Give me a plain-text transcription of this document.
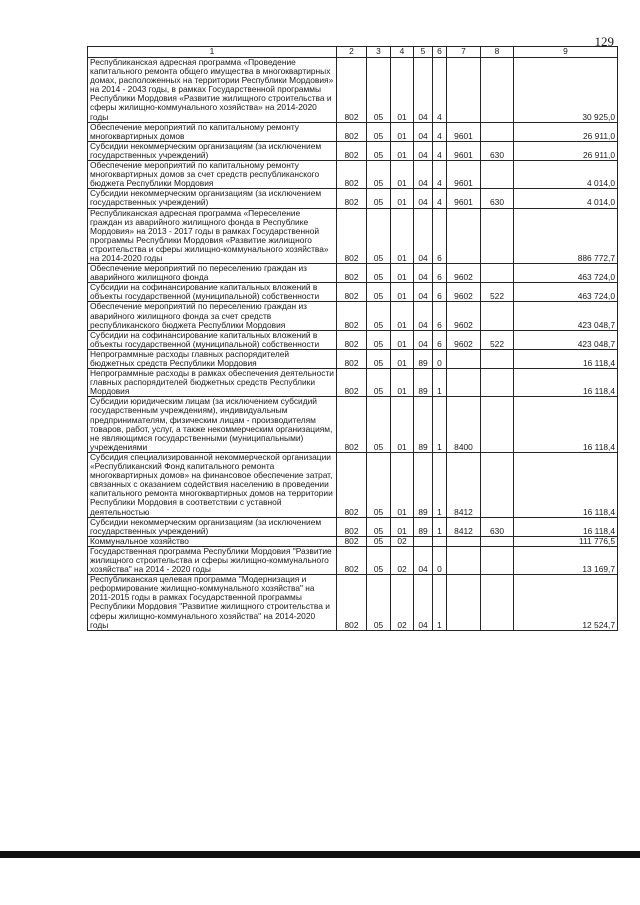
129
1	2	3	4	5	6	7	8	9
Республиканская адресная программа «Проведение капитального ремонта общего имущества в многоквартирных домах, расположенных на территории Республики Мордовия» на 2014 - 2043 годы, в рамках Государственной программы Республики Мордовия «Развитие жилищного строительства и сферы жилищно-коммунального хозяйства» на 2014-2020 годы	802	05	01	04	4			30 925,0
Обеспечение мероприятий по капитальному ремонту многоквартирных домов	802	05	01	04	4	9601		26 911,0
Субсидии некоммерческим организациям (за исключением государственных учреждений)	802	05	01	04	4	9601	630	26 911,0
Обеспечение мероприятий по капитальному ремонту многоквартирных домов за счет средств республиканского бюджета Республики Мордовия	802	05	01	04	4	9601		4 014,0
Субсидии некоммерческим организациям (за исключением государственных учреждений)	802	05	01	04	4	9601	630	4 014,0
Республиканская адресная программа «Переселение граждан из аварийного жилищного фонда в Республике Мордовия» на 2013 - 2017 годы в рамках Государственной программы Республики Мордовия «Развитие жилищного строительства и сферы жилищно-коммунального хозяйства» на 2014-2020 годы	802	05	01	04	6			886 772,7
Обеспечение мероприятий по переселению граждан из аварийного жилищного фонда	802	05	01	04	6	9602		463 724,0
Субсидии на софинансирование капитальных вложений в объекты государственной (муниципальной) собственности	802	05	01	04	6	9602	522	463 724,0
Обеспечение мероприятий по переселению граждан из аварийного жилищного фонда за счет средств республиканского бюджета Республики Мордовия	802	05	01	04	6	9602		423 048,7
Субсидии на софинансирование капитальных вложений в объекты государственной (муниципальной) собственности	802	05	01	04	6	9602	522	423 048,7
Непрограммные расходы главных распорядителей бюджетных средств Республики Мордовия	802	05	01	89	0			16 118,4
Непрограммные расходы в рамках обеспечения деятельности главных распорядителей бюджетных средств Республики Мордовия	802	05	01	89	1			16 118,4
Субсидии юридическим лицам (за исключением субсидий государственным учреждениям), индивидуальным предпринимателям, физическим лицам - производителям товаров, работ, услуг, а также некоммерческим организациям, не являющимся государственными (муниципальными) учреждениями	802	05	01	89	1	8400		16 118,4
Субсидия специализированной некоммерческой организации «Республиканский Фонд капитального ремонта многоквартирных домов» на финансовое обеспечение затрат, связанных с оказанием содействия населению в проведении капитального ремонта многоквартирных домов на территории Республики Мордовия в соответствии с уставной деятельностью	802	05	01	89	1	8412		16 118,4
Субсидии некоммерческим организациям (за исключением государственных учреждений)	802	05	01	89	1	8412	630	16 118,4
Коммунальное хозяйство	802	05	02					111 776,5
Государственная программа Республики Мордовия "Развитие жилищного строительства и сферы жилищно-коммунального хозяйства" на 2014 - 2020 годы	802	05	02	04	0			13 169,7
Республиканская целевая программа "Модернизация и реформирование жилищно-коммунального хозяйства" на 2011-2015 годы в рамках Государственной программы Республики Мордовия "Развитие жилищного строительства и сферы жилищно-коммунального хозяйства" на 2014-2020 годы	802	05	02	04	1			12 524,7
